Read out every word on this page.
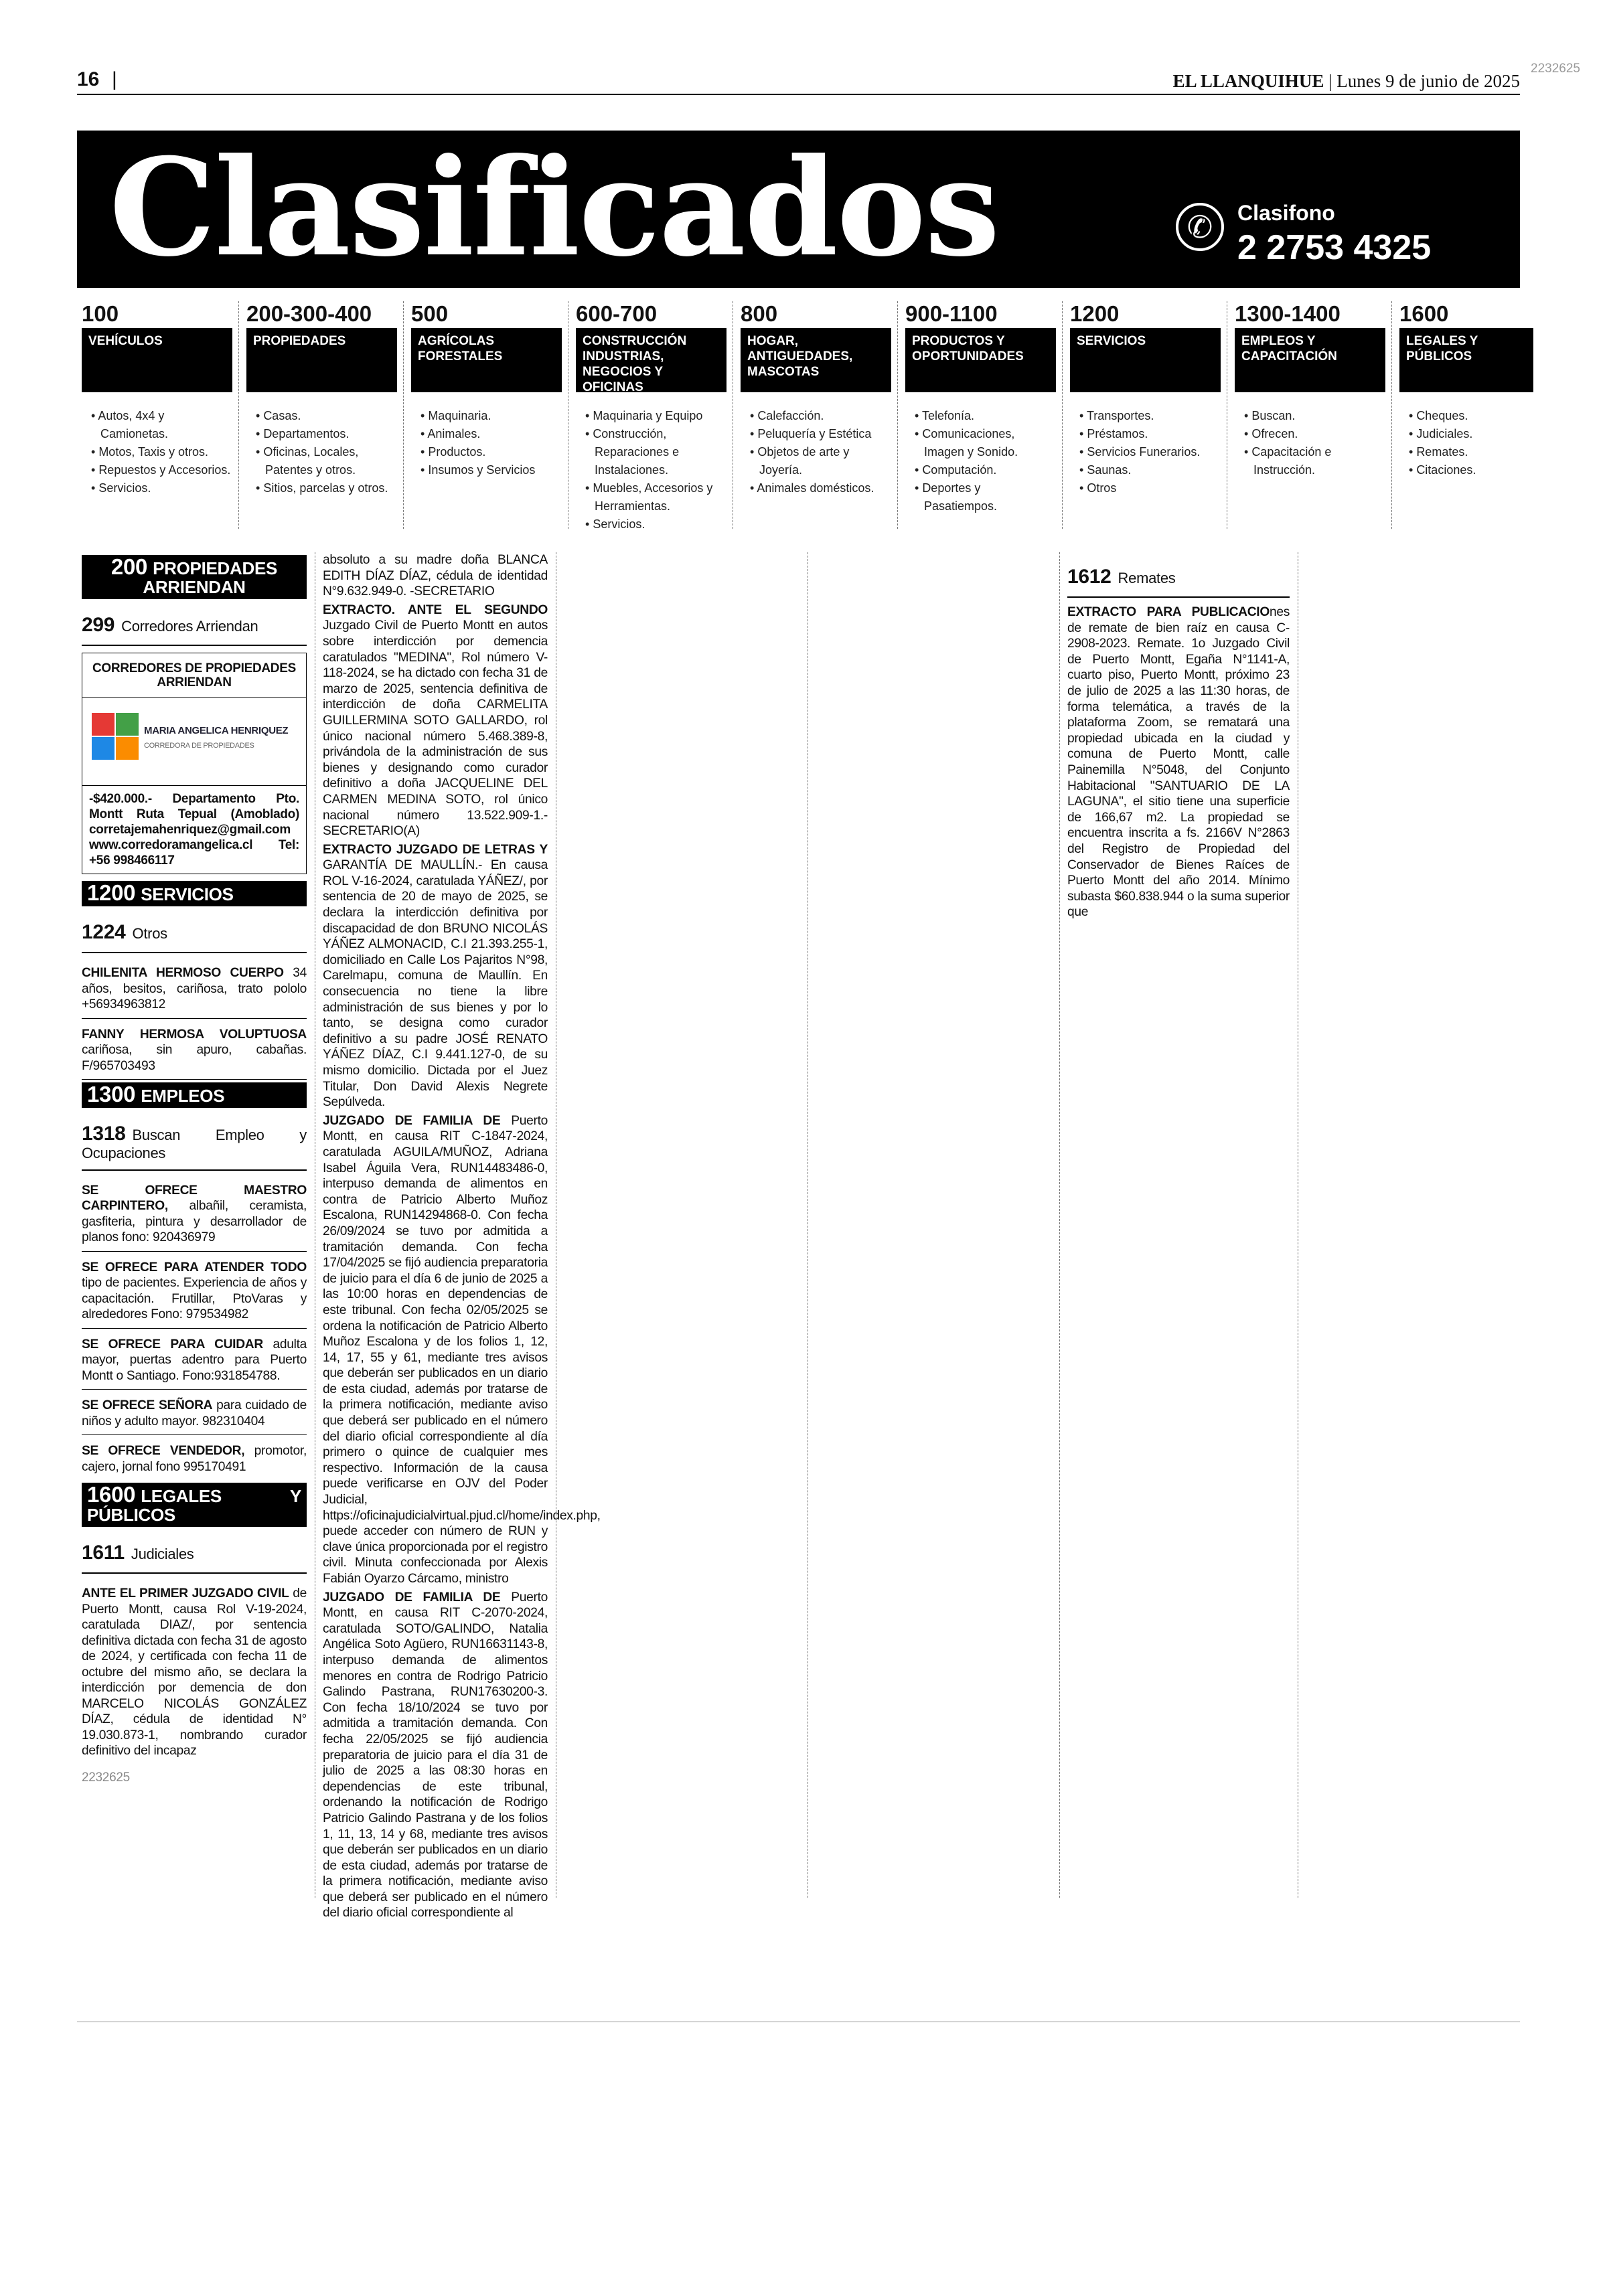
16 |	EL LLANQUIHUE | Lunes 9 de junio de 2025
2232625
Clasificados	✆	Clasifono
2 2753 4325
100
VEHÍCULOS
• Autos, 4x4 y Camionetas.
• Motos, Taxis y otros.
• Repuestos y Accesorios.
• Servicios.
200-300-400
PROPIEDADES
• Casas.
• Departamentos.
• Oficinas, Locales, Patentes y otros.
• Sitios, parcelas y otros.
500
AGRÍCOLAS FORESTALES
• Maquinaria.
• Animales.
• Productos.
• Insumos y Servicios
600-700
CONSTRUCCIÓN INDUSTRIAS, NEGOCIOS Y OFICINAS
• Maquinaria y Equipo
• Construcción, Reparaciones e Instalaciones.
• Muebles, Accesorios y Herramientas.
• Servicios.
800
HOGAR, ANTIGUEDADES, MASCOTAS
• Calefacción.
• Peluquería y Estética
• Objetos de arte y Joyería.
• Animales domésticos.
900-1100
PRODUCTOS Y OPORTUNIDADES
• Telefonía.
• Comunicaciones, Imagen y Sonido.
• Computación.
• Deportes y Pasatiempos.
1200
SERVICIOS
• Transportes.
• Préstamos.
• Servicios Funerarios.
• Saunas.
• Otros
1300-1400
EMPLEOS Y CAPACITACIÓN
• Buscan.
• Ofrecen.
• Capacitación e Instrucción.
1600
LEGALES Y PÚBLICOS
• Cheques.
• Judiciales.
• Remates.
• Citaciones.
200 PROPIEDADES ARRIENDAN
299 Corredores Arriendan
CORREDORES DE PROPIEDADES ARRIENDAN
MARIA ANGELICA HENRIQUEZ
CORREDORA DE PROPIEDADES
-$420.000.- Departamento Pto. Montt Ruta Tepual (Amoblado) corretajemahenriquez@gmail.com www.corredoramangelica.cl Tel: +56 998466117
1200 SERVICIOS
1224 Otros

CHILENITA HERMOSO CUERPO 34 años, besitos, cariñosa, trato pololo +56934963812

FANNY HERMOSA VOLUPTUOSA cariñosa, sin apuro, cabañas. F/965703493

1300 EMPLEOS
1318 Buscan Empleo y Ocupaciones

SE OFRECE MAESTRO CARPINTERO, albañil, ceramista, gasfiteria, pintura y desarrollador de planos fono: 920436979

SE OFRECE PARA ATENDER TODO tipo de pacientes. Experiencia de años y capacitación. Frutillar, PtoVaras y alrededores Fono: 979534982

SE OFRECE PARA CUIDAR adulta mayor, puertas adentro para Puerto Montt o Santiago. Fono:931854788.

SE OFRECE SEÑORA para cuidado de niños y adulto mayor. 982310404

SE OFRECE VENDEDOR, promotor, cajero, jornal fono 995170491

1600 LEGALES Y PÚBLICOS
1611 Judiciales

ANTE EL PRIMER JUZGADO CIVIL de Puerto Montt, causa Rol V-19-2024, caratulada DIAZ/, por sentencia definitiva dictada con fecha 31 de agosto de 2024, y certificada con fecha 11 de octubre del mismo año, se declara la interdicción por demencia de don MARCELO NICOLÁS GONZÁLEZ DÍAZ, cédula de identidad N° 19.030.873-1, nombrando curador definitivo del incapaz

2232625

absoluto a su madre doña BLANCA EDITH DÍAZ DÍAZ, cédula de identidad N°9.632.949-0. -SECRETARIO

EXTRACTO. ANTE EL SEGUNDO Juzgado Civil de Puerto Montt en autos sobre interdicción por demencia caratulados "MEDINA", Rol número V-118-2024, se ha dictado con fecha 31 de marzo de 2025, sentencia definitiva de interdicción de doña CARMELITA GUILLERMINA SOTO GALLARDO, rol único nacional número 5.468.389-8, privándola de la administración de sus bienes y designando como curador definitivo a doña JACQUELINE DEL CARMEN MEDINA SOTO, rol único nacional número 13.522.909-1.- SECRETARIO(A)

EXTRACTO JUZGADO DE LETRAS Y GARANTÍA DE MAULLÍN.- En causa ROL V-16-2024, caratulada YÁÑEZ/, por sentencia de 20 de mayo de 2025, se declara la interdicción definitiva por discapacidad de don BRUNO NICOLÁS YÁÑEZ ALMONACID, C.I 21.393.255-1, domiciliado en Calle Los Pajaritos N°98, Carelmapu, comuna de Maullín. En consecuencia no tiene la libre administración de sus bienes y por lo tanto, se designa como curador definitivo a su padre JOSÉ RENATO YÁÑEZ DÍAZ, C.I 9.441.127-0, de su mismo domicilio. Dictada por el Juez Titular, Don David Alexis Negrete Sepúlveda.

JUZGADO DE FAMILIA DE Puerto Montt, en causa RIT C-1847-2024, caratulada AGUILA/MUÑOZ, Adriana Isabel Águila Vera, RUN14483486-0, interpuso demanda de alimentos en contra de Patricio Alberto Muñoz Escalona, RUN14294868-0. Con fecha 26/09/2024 se tuvo por admitida a tramitación demanda. Con fecha 17/04/2025 se fijó audiencia preparatoria de juicio para el día 6 de junio de 2025 a las 10:00 horas en dependencias de este tribunal. Con fecha 02/05/2025 se ordena la notificación de Patricio Alberto Muñoz Escalona y de los folios 1, 12, 14, 17, 55 y 61, mediante tres avisos que deberán ser publicados en un diario de esta ciudad, además por tratarse de la primera notificación, mediante aviso que deberá ser publicado en el número del diario oficial correspondiente al día primero o quince de cualquier mes respectivo. Información de la causa puede verificarse en OJV del Poder Judicial, https://oficinajudicialvirtual.pjud.cl/home/index.php, puede acceder con número de RUN y clave única proporcionada por el registro civil. Minuta confeccionada por Alexis Fabián Oyarzo Cárcamo, ministro

JUZGADO DE FAMILIA DE Puerto Montt, en causa RIT C-2070-2024, caratulada SOTO/GALINDO, Natalia Angélica Soto Agüero, RUN16631143-8, interpuso demanda de alimentos menores en contra de Rodrigo Patricio Galindo Pastrana, RUN17630200-3. Con fecha 18/10/2024 se tuvo por admitida a tramitación demanda. Con fecha 22/05/2025 se fijó audiencia preparatoria de juicio para el día 31 de julio de 2025 a las 08:30 horas en dependencias de este tribunal, ordenando la notificación de Rodrigo Patricio Galindo Pastrana y de los folios 1, 11, 13, 14 y 68, mediante tres avisos que deberán ser publicados en un diario de esta ciudad, además por tratarse de la primera notificación, mediante aviso que deberá ser publicado en el número del diario oficial correspondiente al

1612 Remates

EXTRACTO PARA PUBLICACIOnes de remate de bien raíz en causa C-2908-2023. Remate. 1o Juzgado Civil de Puerto Montt, Egaña N°1141-A, cuarto piso, Puerto Montt, próximo 23 de julio de 2025 a las 11:30 horas, de forma telemática, a través de la plataforma Zoom, se rematará una propiedad ubicada en la ciudad y comuna de Puerto Montt, calle Painemilla N°5048, del Conjunto Habitacional "SANTUARIO DE LA LAGUNA", el sitio tiene una superficie de 166,67 m2. La propiedad se encuentra inscrita a fs. 2166V N°2863 del Registro de Propiedad del Conservador de Bienes Raíces de Puerto Montt del año 2014. Mínimo subasta $60.838.944 o la suma superior que
